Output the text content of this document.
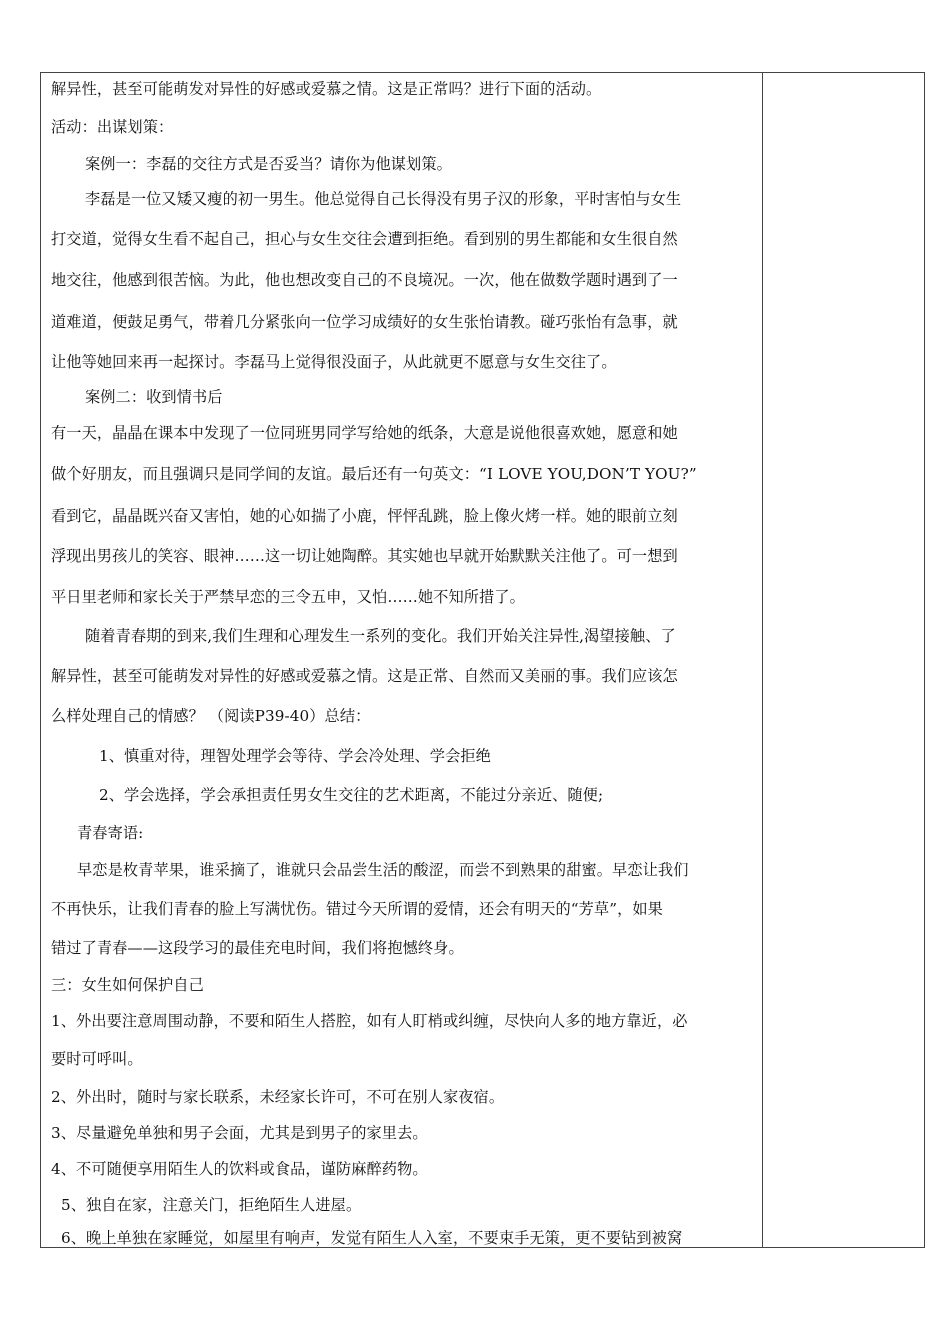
解异性，甚至可能萌发对异性的好感或爱慕之情。这是正常吗？进行下面的活动。
活动：出谋划策：
案例一：李磊的交往方式是否妥当？请你为他谋划策。
李磊是一位又矮又瘦的初一男生。他总觉得自己长得没有男子汉的形象，平时害怕与女生
打交道，觉得女生看不起自己，担心与女生交往会遭到拒绝。看到别的男生都能和女生很自然
地交往，他感到很苦恼。为此，他也想改变自己的不良境况。一次，他在做数学题时遇到了一
道难道，便鼓足勇气，带着几分紧张向一位学习成绩好的女生张怡请教。碰巧张怡有急事，就
让他等她回来再一起探讨。李磊马上觉得很没面子，从此就更不愿意与女生交往了。
案例二：收到情书后
有一天，晶晶在课本中发现了一位同班男同学写给她的纸条，大意是说他很喜欢她，愿意和她
做个好朋友，而且强调只是同学间的友谊。最后还有一句英文：“I LOVE YOU,DON’T YOU?”
看到它，晶晶既兴奋又害怕，她的心如揣了小鹿，怦怦乱跳，脸上像火烤一样。她的眼前立刻
浮现出男孩儿的笑容、眼神……这一切让她陶醉。其实她也早就开始默默关注他了。可一想到
平日里老师和家长关于严禁早恋的三令五申，又怕……她不知所措了。
随着青春期的到来,我们生理和心理发生一系列的变化。我们开始关注异性,渴望接触、了
解异性，甚至可能萌发对异性的好感或爱慕之情。这是正常、自然而又美丽的事。我们应该怎
么样处理自己的情感？ （阅读P39-40）总结：
1、慎重对待，理智处理学会等待、学会冷处理、学会拒绝
2、学会选择，学会承担责任男女生交往的艺术距离，不能过分亲近、随便;
青春寄语:
早恋是枚青苹果，谁采摘了，谁就只会品尝生活的酸涩，而尝不到熟果的甜蜜。早恋让我们
不再快乐，让我们青春的脸上写满忧伤。错过今天所谓的爱情，还会有明天的“芳草”，如果
错过了青春——这段学习的最佳充电时间，我们将抱憾终身。
三：女生如何保护自己
1、外出要注意周围动静，不要和陌生人搭腔，如有人盯梢或纠缠，尽快向人多的地方靠近，必
要时可呼叫。
2、外出时，随时与家长联系，未经家长许可，不可在别人家夜宿。
3、尽量避免单独和男子会面，尤其是到男子的家里去。
4、不可随便享用陌生人的饮料或食品，谨防麻醉药物。
5、独自在家，注意关门，拒绝陌生人进屋。
6、晚上单独在家睡觉，如屋里有响声，发觉有陌生人入室，不要束手无策，更不要钻到被窝
